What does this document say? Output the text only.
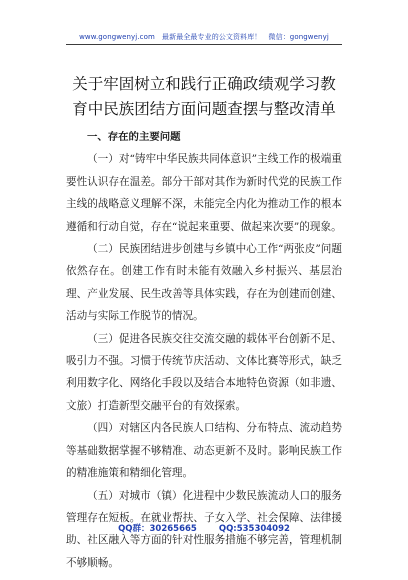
www.gongwenyj.com　最新最全最专业的公文资料库！　微信：gongwenyj
关于牢固树立和践行正确政绩观学习教育中民族团结方面问题查摆与整改清单

一、存在的主要问题

（一）对“铸牢中华民族共同体意识”主线工作的极端重要性认识存在温差。部分干部对其作为新时代党的民族工作主线的战略意义理解不深，未能完全内化为推动工作的根本遵循和行动自觉，存在“说起来重要、做起来次要”的现象。

（二）民族团结进步创建与乡镇中心工作“两张皮”问题依然存在。创建工作有时未能有效融入乡村振兴、基层治理、产业发展、民生改善等具体实践，存在为创建而创建、活动与实际工作脱节的情况。

（三）促进各民族交往交流交融的载体平台创新不足、吸引力不强。习惯于传统节庆活动、文体比赛等形式，缺乏利用数字化、网络化手段以及结合本地特色资源（如非遗、文旅）打造新型交融平台的有效探索。

（四）对辖区内各民族人口结构、分布特点、流动趋势等基础数据掌握不够精准、动态更新不及时。影响民族工作的精准施策和精细化管理。

（五）对城市（镇）化进程中少数民族流动人口的服务管理存在短板。在就业帮扶、子女入学、社会保障、法律援助、社区融入等方面的针对性服务措施不够完善，管理机制不够顺畅。

QQ群：30265665	QQ:535304092
